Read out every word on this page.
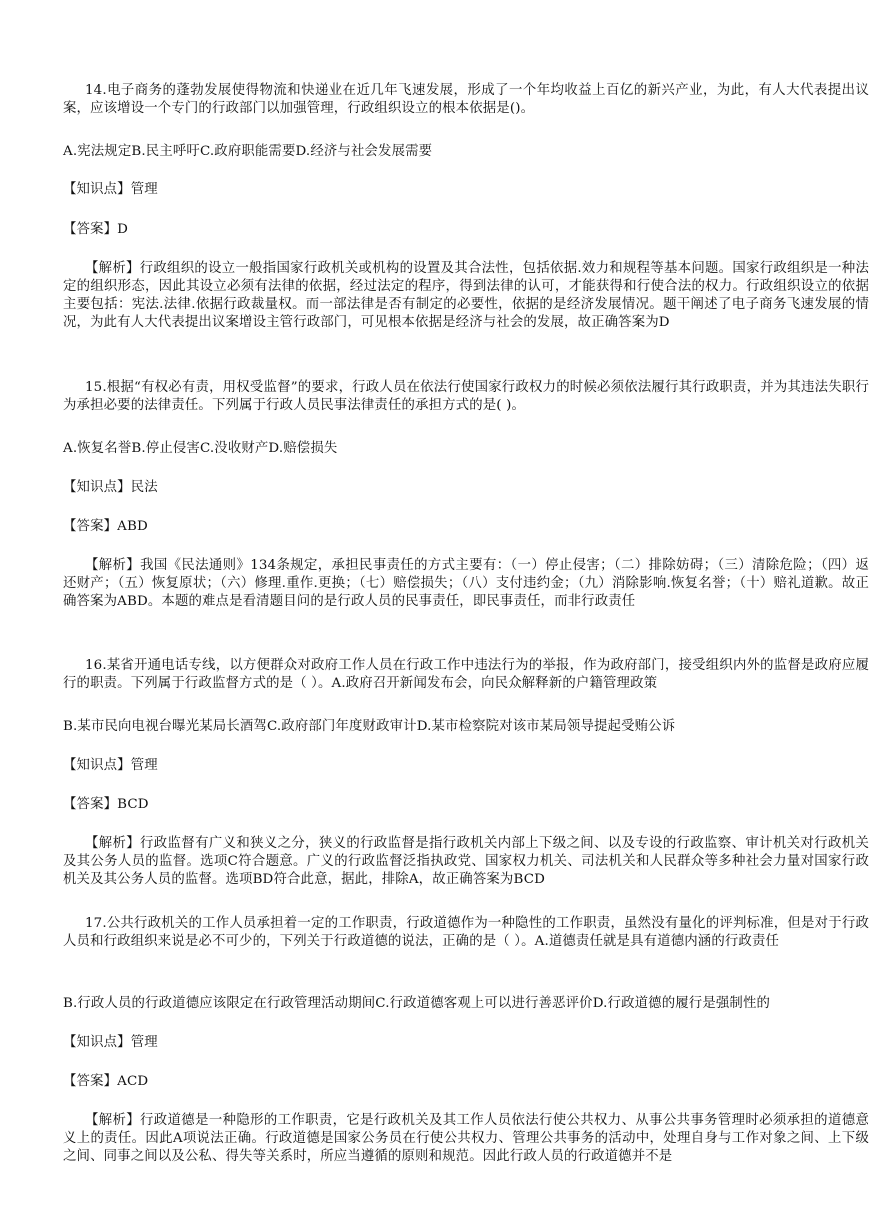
14.电子商务的蓬勃发展使得物流和快递业在近几年飞速发展，形成了一个年均收益上百亿的新兴产业，为此，有人大代表提出议案，应该增设一个专门的行政部门以加强管理，行政组织设立的根本依据是()。

A.宪法规定B.民主呼吁C.政府职能需要D.经济与社会发展需要

【知识点】管理

【答案】D

【解析】行政组织的设立一般指国家行政机关或机构的设置及其合法性，包括依据.效力和规程等基本问题。国家行政组织是一种法定的组织形态，因此其设立必须有法律的依据，经过法定的程序，得到法律的认可，才能获得和行使合法的权力。行政组织设立的依据主要包括：宪法.法律.依据行政裁量权。而一部法律是否有制定的必要性，依据的是经济发展情况。题干阐述了电子商务飞速发展的情况，为此有人大代表提出议案增设主管行政部门，可见根本依据是经济与社会的发展，故正确答案为D

15.根据“有权必有责，用权受监督”的要求，行政人员在依法行使国家行政权力的时候必须依法履行其行政职责，并为其违法失职行为承担必要的法律责任。下列属于行政人员民事法律责任的承担方式的是( )。

A.恢复名誉B.停止侵害C.没收财产D.赔偿损失

【知识点】民法

【答案】ABD

【解析】我国《民法通则》134条规定，承担民事责任的方式主要有：（一）停止侵害；（二）排除妨碍；（三）清除危险；（四）返还财产；（五）恢复原状；（六）修理.重作.更换；（七）赔偿损失；（八）支付违约金；（九）消除影响.恢复名誉；（十）赔礼道歉。故正确答案为ABD。本题的难点是看清题目问的是行政人员的民事责任，即民事责任，而非行政责任

16.某省开通电话专线，以方便群众对政府工作人员在行政工作中违法行为的举报，作为政府部门，接受组织内外的监督是政府应履行的职责。下列属于行政监督方式的是（ ）。A.政府召开新闻发布会，向民众解释新的户籍管理政策

B.某市民向电视台曝光某局长酒驾C.政府部门年度财政审计D.某市检察院对该市某局领导提起受贿公诉

【知识点】管理

【答案】BCD

【解析】行政监督有广义和狭义之分，狭义的行政监督是指行政机关内部上下级之间、以及专设的行政监察、审计机关对行政机关及其公务人员的监督。选项C符合题意。广义的行政监督泛指执政党、国家权力机关、司法机关和人民群众等多种社会力量对国家行政机关及其公务人员的监督。选项BD符合此意，据此，排除A，故正确答案为BCD

17.公共行政机关的工作人员承担着一定的工作职责，行政道德作为一种隐性的工作职责，虽然没有量化的评判标准，但是对于行政人员和行政组织来说是必不可少的，下列关于行政道德的说法，正确的是（ ）。A.道德责任就是具有道德内涵的行政责任

B.行政人员的行政道德应该限定在行政管理活动期间C.行政道德客观上可以进行善恶评价D.行政道德的履行是强制性的

【知识点】管理

【答案】ACD

【解析】行政道德是一种隐形的工作职责，它是行政机关及其工作人员依法行使公共权力、从事公共事务管理时必须承担的道德意义上的责任。因此A项说法正确。行政道德是国家公务员在行使公共权力、管理公共事务的活动中，处理自身与工作对象之间、上下级之间、同事之间以及公私、得失等关系时，所应当遵循的原则和规范。因此行政人员的行政道德并不是
